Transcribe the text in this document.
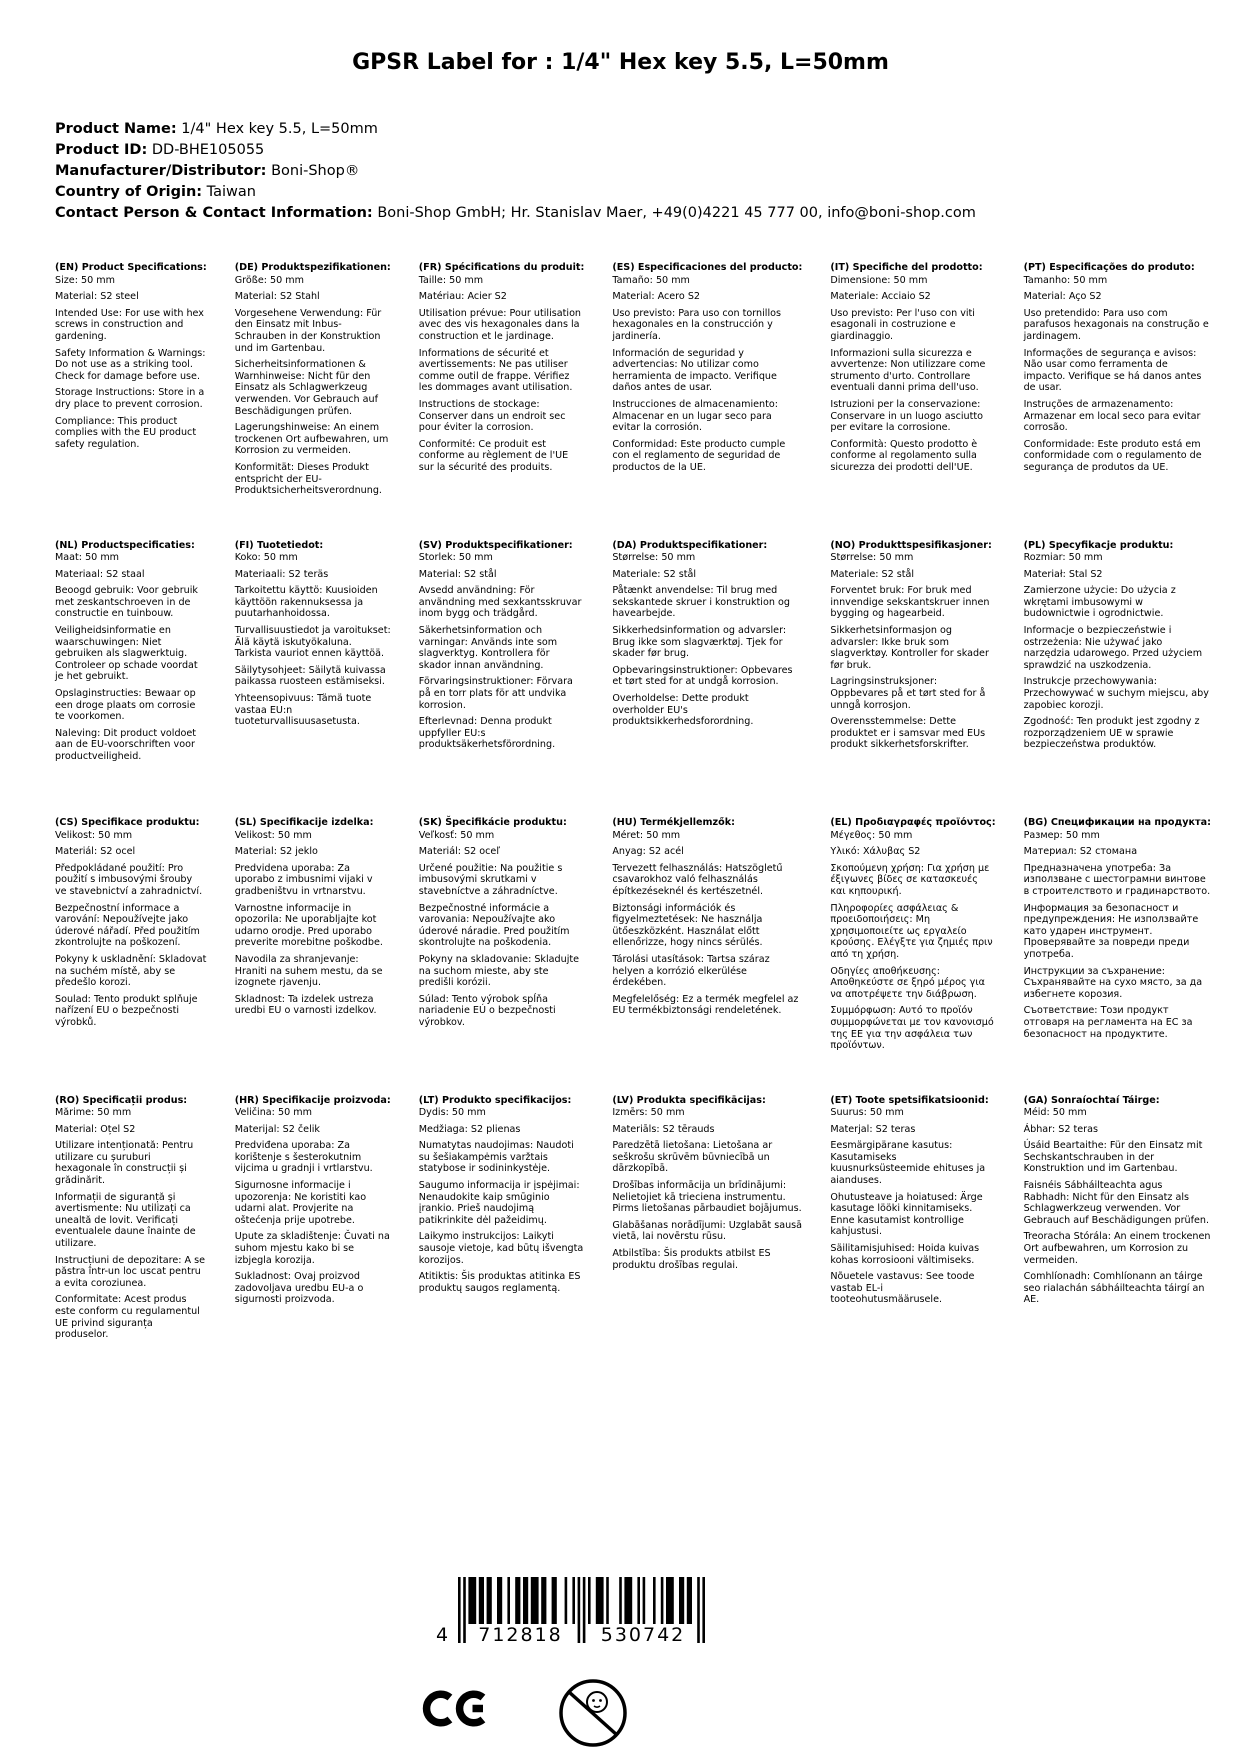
GPSR Label for : 1/4" Hex key 5.5, L=50mm
Product Name: 1/4" Hex key 5.5, L=50mm
Product ID: DD-BHE105055
Manufacturer/Distributor: Boni-Shop®
Country of Origin: Taiwan
Contact Person & Contact Information: Boni-Shop GmbH; Hr. Stanislav Maer, +49(0)4221 45 777 00, info@boni-shop.com

(EN) Product Specifications:

Size: 50 mm

Material: S2 steel

Intended Use: For use with hex screws in construction and gardening.

Safety Information & Warnings: Do not use as a striking tool. Check for damage before use.

Storage Instructions: Store in a dry place to prevent corrosion.

Compliance: This product complies with the EU product safety regulation.

(DE) Produktspezifikationen:

Größe: 50 mm

Material: S2 Stahl

Vorgesehene Verwendung: Für den Einsatz mit Inbus-Schrauben in der Konstruktion und im Gartenbau.

Sicherheitsinformationen & Warnhinweise: Nicht für den Einsatz als Schlagwerkzeug verwenden. Vor Gebrauch auf Beschädigungen prüfen.

Lagerungshinweise: An einem trockenen Ort aufbewahren, um Korrosion zu vermeiden.

Konformität: Dieses Produkt entspricht der EU-Produktsicherheitsverordnung.

(FR) Spécifications du produit:

Taille: 50 mm

Matériau: Acier S2

Utilisation prévue: Pour utilisation avec des vis hexagonales dans la construction et le jardinage.

Informations de sécurité et avertissements: Ne pas utiliser comme outil de frappe. Vérifiez les dommages avant utilisation.

Instructions de stockage: Conserver dans un endroit sec pour éviter la corrosion.

Conformité: Ce produit est conforme au règlement de l'UE sur la sécurité des produits.

(ES) Especificaciones del producto:

Tamaño: 50 mm

Material: Acero S2

Uso previsto: Para uso con tornillos hexagonales en la construcción y jardinería.

Información de seguridad y advertencias: No utilizar como herramienta de impacto. Verifique daños antes de usar.

Instrucciones de almacenamiento: Almacenar en un lugar seco para evitar la corrosión.

Conformidad: Este producto cumple con el reglamento de seguridad de productos de la UE.

(IT) Specifiche del prodotto:

Dimensione: 50 mm

Materiale: Acciaio S2

Uso previsto: Per l'uso con viti esagonali in costruzione e giardinaggio.

Informazioni sulla sicurezza e avvertenze: Non utilizzare come strumento d'urto. Controllare eventuali danni prima dell'uso.

Istruzioni per la conservazione: Conservare in un luogo asciutto per evitare la corrosione.

Conformità: Questo prodotto è conforme al regolamento sulla sicurezza dei prodotti dell'UE.

(PT) Especificações do produto:

Tamanho: 50 mm

Material: Aço S2

Uso pretendido: Para uso com parafusos hexagonais na construção e jardinagem.

Informações de segurança e avisos: Não usar como ferramenta de impacto. Verifique se há danos antes de usar.

Instruções de armazenamento: Armazenar em local seco para evitar corrosão.

Conformidade: Este produto está em conformidade com o regulamento de segurança de produtos da UE.

(NL) Productspecificaties:

Maat: 50 mm

Materiaal: S2 staal

Beoogd gebruik: Voor gebruik met zeskantschroeven in de constructie en tuinbouw.

Veiligheidsinformatie en waarschuwingen: Niet gebruiken als slagwerktuig. Controleer op schade voordat je het gebruikt.

Opslaginstructies: Bewaar op een droge plaats om corrosie te voorkomen.

Naleving: Dit product voldoet aan de EU-voorschriften voor productveiligheid.

(FI) Tuotetiedot:

Koko: 50 mm

Materiaali: S2 teräs

Tarkoitettu käyttö: Kuusioiden käyttöön rakennuksessa ja puutarhanhoidossa.

Turvallisuustiedot ja varoitukset: Älä käytä iskutyökaluna. Tarkista vauriot ennen käyttöä.

Säilytysohjeet: Säilytä kuivassa paikassa ruosteen estämiseksi.

Yhteensopivuus: Tämä tuote vastaa EU:n tuoteturvallisuusasetusta.

(SV) Produktspecifikationer:

Storlek: 50 mm

Material: S2 stål

Avsedd användning: För användning med sexkantsskruvar inom bygg och trädgård.

Säkerhetsinformation och varningar: Används inte som slagverktyg. Kontrollera för skador innan användning.

Förvaringsinstruktioner: Förvara på en torr plats för att undvika korrosion.

Efterlevnad: Denna produkt uppfyller EU:s produktsäkerhetsförordning.

(DA) Produktspecifikationer:

Størrelse: 50 mm

Materiale: S2 stål

Påtænkt anvendelse: Til brug med sekskantede skruer i konstruktion og havearbejde.

Sikkerhedsinformation og advarsler: Brug ikke som slagværktøj. Tjek for skader før brug.

Opbevaringsinstruktioner: Opbevares et tørt sted for at undgå korrosion.

Overholdelse: Dette produkt overholder EU's produktsikkerhedsforordning.

(NO) Produkttspesifikasjoner:

Størrelse: 50 mm

Materiale: S2 stål

Forventet bruk: For bruk med innvendige sekskantskruer innen bygging og hagearbeid.

Sikkerhetsinformasjon og advarsler: Ikke bruk som slagverktøy. Kontroller for skader før bruk.

Lagringsinstruksjoner: Oppbevares på et tørt sted for å unngå korrosjon.

Overensstemmelse: Dette produktet er i samsvar med EUs produkt sikkerhetsforskrifter.

(PL) Specyfikacje produktu:

Rozmiar: 50 mm

Materiał: Stal S2

Zamierzone użycie: Do użycia z wkrętami imbusowymi w budownictwie i ogrodnictwie.

Informacje o bezpieczeństwie i ostrzeżenia: Nie używać jako narzędzia udarowego. Przed użyciem sprawdzić na uszkodzenia.

Instrukcje przechowywania: Przechowywać w suchym miejscu, aby zapobiec korozji.

Zgodność: Ten produkt jest zgodny z rozporządzeniem UE w sprawie bezpieczeństwa produktów.

(CS) Specifikace produktu:

Velikost: 50 mm

Materiál: S2 ocel

Předpokládané použití: Pro použití s imbusovými šrouby ve stavebnictví a zahradnictví.

Bezpečnostní informace a varování: Nepoužívejte jako úderové nářadí. Před použitím zkontrolujte na poškození.

Pokyny k uskladnění: Skladovat na suchém místě, aby se předešlo korozi.

Soulad: Tento produkt splňuje nařízení EU o bezpečnosti výrobků.

(SL) Specifikacije izdelka:

Velikost: 50 mm

Material: S2 jeklo

Predvidena uporaba: Za uporabo z imbusnimi vijaki v gradbeništvu in vrtnarstvu.

Varnostne informacije in opozorila: Ne uporabljajte kot udarno orodje. Pred uporabo preverite morebitne poškodbe.

Navodila za shranjevanje: Hraniti na suhem mestu, da se izognete rjavenju.

Skladnost: Ta izdelek ustreza uredbi EU o varnosti izdelkov.

(SK) Špecifikácie produktu:

Veľkosť: 50 mm

Materiál: S2 oceľ

Určené použitie: Na použitie s imbusovými skrutkami v stavebníctve a záhradníctve.

Bezpečnostné informácie a varovania: Nepoužívajte ako úderové náradie. Pred použitím skontrolujte na poškodenia.

Pokyny na skladovanie: Skladujte na suchom mieste, aby ste predišli korózii.

Súlad: Tento výrobok spĺňa nariadenie EÚ o bezpečnosti výrobkov.

(HU) Termékjellemzők:

Méret: 50 mm

Anyag: S2 acél

Tervezett felhasználás: Hatszögletű csavarokhoz való felhasználás építkezéseknél és kertészetnél.

Biztonsági információk és figyelmeztetések: Ne használja ütőeszközként. Használat előtt ellenőrizze, hogy nincs sérülés.

Tárolási utasítások: Tartsa száraz helyen a korrózió elkerülése érdekében.

Megfelelőség: Ez a termék megfelel az EU termékbiztonsági rendeletének.

(EL) Προδιαγραφές προϊόντος:

Μέγεθος: 50 mm

Υλικό: Χάλυβας S2

Σκοπούμενη χρήση: Για χρήση με έξιγωνες βίδες σε κατασκευές και κηπουρική.

Πληροφορίες ασφάλειας & προειδοποιήσεις: Μη χρησιμοποιείτε ως εργαλείο κρούσης. Ελέγξτε για ζημιές πριν από τη χρήση.

Οδηγίες αποθήκευσης: Αποθηκεύστε σε ξηρό μέρος για να αποτρέψετε την διάβρωση.

Συμμόρφωση: Αυτό το προϊόν συμμορφώνεται με τον κανονισμό της ΕΕ για την ασφάλεια των προϊόντων.

(BG) Спецификации на продукта:

Размер: 50 mm

Материал: S2 стомана

Предназначена употреба: За използване с шестограмни винтове в строителството и градинарството.

Информация за безопасност и предупреждения: Не използвайте като ударен инструмент. Проверявайте за повреди преди употреба.

Инструкции за съхранение: Съхранявайте на сухо място, за да избегнете корозия.

Съответствие: Този продукт отговаря на регламента на ЕС за безопасност на продуктите.

(RO) Specificații produs:

Mărime: 50 mm

Material: Oțel S2

Utilizare intenționată: Pentru utilizare cu șuruburi hexagonale în construcții și grădinărit.

Informații de siguranță și avertismente: Nu utilizați ca unealtă de lovit. Verificați eventualele daune înainte de utilizare.

Instrucțiuni de depozitare: A se păstra într-un loc uscat pentru a evita coroziunea.

Conformitate: Acest produs este conform cu regulamentul UE privind siguranța produselor.

(HR) Specifikacije proizvoda:

Veličina: 50 mm

Materijal: S2 čelik

Predviđena uporaba: Za korištenje s šesterokutnim vijcima u gradnji i vrtlarstvu.

Sigurnosne informacije i upozorenja: Ne koristiti kao udarni alat. Provjerite na oštećenja prije upotrebe.

Upute za skladištenje: Čuvati na suhom mjestu kako bi se izbjegla korozija.

Sukladnost: Ovaj proizvod zadovoljava uredbu EU-a o sigurnosti proizvoda.

(LT) Produkto specifikacijos:

Dydis: 50 mm

Medžiaga: S2 plienas

Numatytas naudojimas: Naudoti su šešiakampėmis varžtais statybose ir sodininkystėje.

Saugumo informacija ir įspėjimai: Nenaudokite kaip smūginio įrankio. Prieš naudojimą patikrinkite dėl pažeidimų.

Laikymo instrukcijos: Laikyti sausoje vietoje, kad būtų išvengta korozijos.

Atitiktis: Šis produktas atitinka ES produktų saugos reglamentą.

(LV) Produkta specifikācijas:

Izmērs: 50 mm

Materiāls: S2 tērauds

Paredzētā lietošana: Lietošana ar seškrošu skrūvēm būvniecībā un dārzkopībā.

Drošības informācija un brīdinājumi: Nelietojiet kā trieciena instrumentu. Pirms lietošanas pārbaudiet bojājumus.

Glabāšanas norādījumi: Uzglabāt sausā vietā, lai novērstu rūsu.

Atbilstība: Šis produkts atbilst ES produktu drošības regulai.

(ET) Toote spetsifikatsioonid:

Suurus: 50 mm

Materjal: S2 teras

Eesmärgipärane kasutus: Kasutamiseks kuusnurksüsteemide ehituses ja aianduses.

Ohutusteave ja hoiatused: Ärge kasutage lööki kinnitamiseks. Enne kasutamist kontrollige kahjustusi.

Säilitamisjuhised: Hoida kuivas kohas korrosiooni vältimiseks.

Nõuetele vastavus: See toode vastab EL-i tooteohutusmäärusele.

(GA) Sonraíochtaí Táirge:

Méid: 50 mm

Ábhar: S2 teras

Úsáid Beartaithe: Für den Einsatz mit Sechskantschrauben in der Konstruktion und im Gartenbau.

Faisnéis Sábháilteachta agus Rabhadh: Nicht für den Einsatz als Schlagwerkzeug verwenden. Vor Gebrauch auf Beschädigungen prüfen.

Treoracha Stórála: An einem trockenen Ort aufbewahren, um Korrosion zu vermeiden.

Comhlíonadh: Comhlíonann an táirge seo rialachán sábháilteachta táirgí an AE.

4	712818	530742
